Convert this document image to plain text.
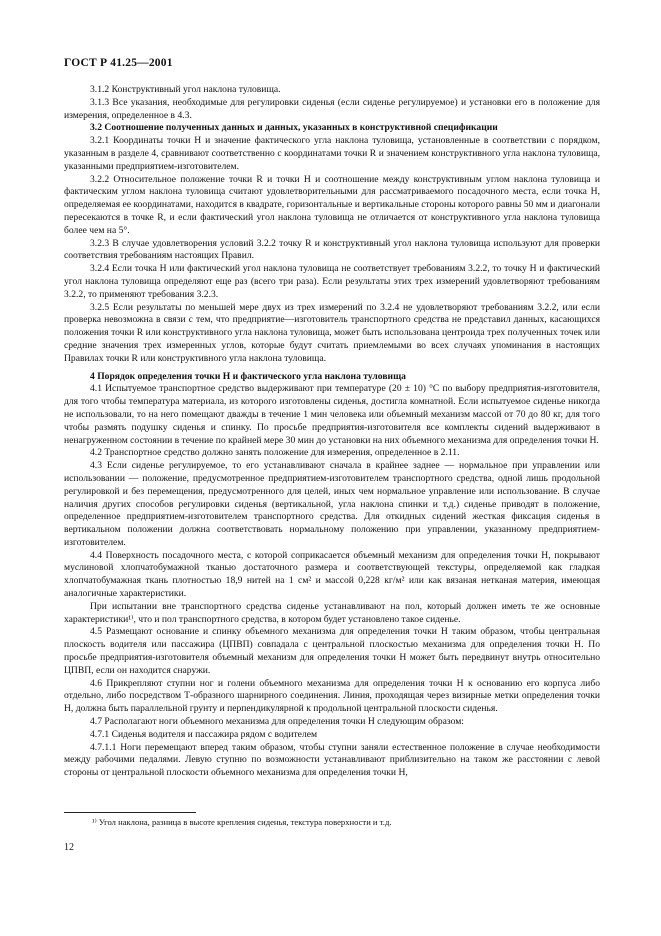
ГОСТ Р 41.25—2001

3.1.2 Конструктивный угол наклона туловища.

3.1.3 Все указания, необходимые для регулировки сиденья (если сиденье регулируемое) и установки его в положение для измерения, определенное в 4.3.

3.2 Соотношение полученных данных и данных, указанных в конструктивной спецификации

3.2.1 Координаты точки H и значение фактического угла наклона туловища, установленные в соответствии с порядком, указанным в разделе 4, сравнивают соответственно с координатами точки R и значением конструктивного угла наклона туловища, указанными предприятием-изготовителем.

3.2.2 Относительное положение точки R и точки H и соотношение между конструктивным углом наклона туловища и фактическим углом наклона туловища считают удовлетворительными для рассматриваемого посадочного места, если точка H, определяемая ее координатами, находится в квадрате, горизонтальные и вертикальные стороны которого равны 50 мм и диагонали пересекаются в точке R, и если фактический угол наклона туловища не отличается от конструктивного угла наклона туловища более чем на 5°.

3.2.3 В случае удовлетворения условий 3.2.2 точку R и конструктивный угол наклона туловища используют для проверки соответствия требованиям настоящих Правил.

3.2.4 Если точка H или фактический угол наклона туловища не соответствует требованиям 3.2.2, то точку H и фактический угол наклона туловища определяют еще раз (всего три раза). Если результаты этих трех измерений удовлетворяют требованиям 3.2.2, то применяют требования 3.2.3.

3.2.5 Если результаты по меньшей мере двух из трех измерений по 3.2.4 не удовлетворяют требованиям 3.2.2, или если проверка невозможна в связи с тем, что предприятие—изготовитель транспортного средства не представил данных, касающихся положения точки R или конструктивного угла наклона туловища, может быть использована центроида трех полученных точек или средние значения трех измеренных углов, которые будут считать приемлемыми во всех случаях упоминания в настоящих Правилах точки R или конструктивного угла наклона туловища.

4 Порядок определения точки H и фактического угла наклона туловища

4.1 Испытуемое транспортное средство выдерживают при температуре (20 ± 10) °С по выбору предприятия-изготовителя, для того чтобы температура материала, из которого изготовлены сиденья, достигла комнатной. Если испытуемое сиденье никогда не использовали, то на него помещают дважды в течение 1 мин человека или объемный механизм массой от 70 до 80 кг, для того чтобы размять подушку сиденья и спинку. По просьбе предприятия-изготовителя все комплекты сидений выдерживают в ненагруженном состоянии в течение по крайней мере 30 мин до установки на них объемного механизма для определения точки H.

4.2 Транспортное средство должно занять положение для измерения, определенное в 2.11.

4.3 Если сиденье регулируемое, то его устанавливают сначала в крайнее заднее — нормальное при управлении или использовании — положение, предусмотренное предприятием-изготовителем транспортного средства, одной лишь продольной регулировкой и без перемещения, предусмотренного для целей, иных чем нормальное управление или использование. В случае наличия других способов регулировки сиденья (вертикальной, угла наклона спинки и т.д.) сиденье приводят в положение, определенное предприятием-изготовителем транспортного средства. Для откидных сидений жесткая фиксация сиденья в вертикальном положении должна соответствовать нормальному положению при управлении, указанному предприятием-изготовителем.

4.4 Поверхность посадочного места, с которой соприкасается объемный механизм для определения точки H, покрывают муслиновой хлопчатобумажной тканью достаточного размера и соответствующей текстуры, определяемой как гладкая хлопчатобумажная ткань плотностью 18,9 нитей на 1 см² и массой 0,228 кг/м² или как вязаная нетканая материя, имеющая аналогичные характеристики.

При испытании вне транспортного средства сиденье устанавливают на пол, который должен иметь те же основные характеристики¹⁾, что и пол транспортного средства, в котором будет установлено такое сиденье.

4.5 Размещают основание и спинку объемного механизма для определения точки H таким образом, чтобы центральная плоскость водителя или пассажира (ЦПВП) совпадала с центральной плоскостью механизма для определения точки H. По просьбе предприятия-изготовителя объемный механизм для определения точки H может быть передвинут внутрь относительно ЦПВП, если он находится снаружи.

4.6 Прикрепляют ступни ног и голени объемного механизма для определения точки H к основанию его корпуса либо отдельно, либо посредством Т-образного шарнирного соединения. Линия, проходящая через визирные метки определения точки H, должна быть параллельной грунту и перпендикулярной к продольной центральной плоскости сиденья.

4.7 Располагают ноги объемного механизма для определения точки H следующим образом:

4.7.1 Сиденья водителя и пассажира рядом с водителем

4.7.1.1 Ноги перемещают вперед таким образом, чтобы ступни заняли естественное положение в случае необходимости между рабочими педалями. Левую ступню по возможности устанавливают приблизительно на таком же расстоянии с левой стороны от центральной плоскости объемного механизма для определения точки H,

¹⁾ Угол наклона, разница в высоте крепления сиденья, текстура поверхности и т.д.
12
